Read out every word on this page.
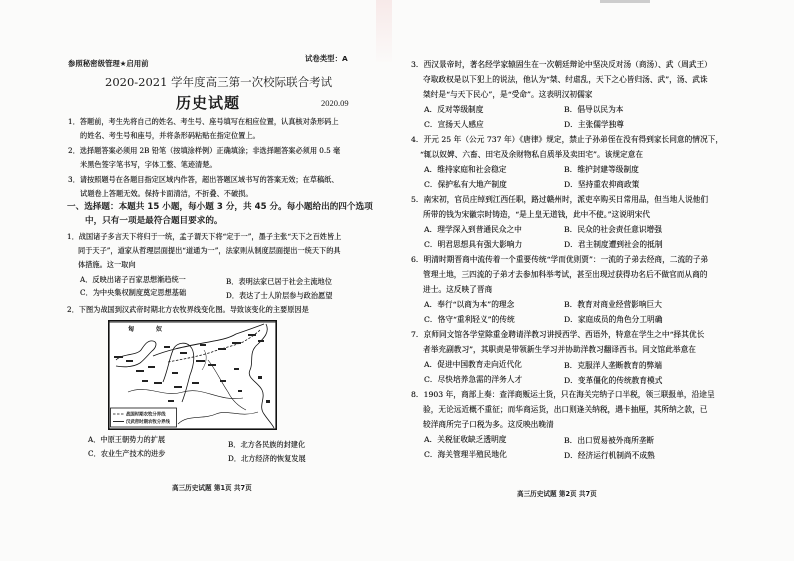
参照秘密级管理★启用前
试卷类型：A
2020-2021 学年度高三第一次校际联合考试
历史试题	2020.09
1．答题前，考生先将自己的姓名、考生号、座号填写在相应位置，认真核对条形码上
的姓名、考生号和座号，并将条形码粘贴在指定位置上。
2．选择题答案必须用 2B 铅笔（按填涂样例）正确填涂；非选择题答案必须用 0.5 毫
米黑色签字笔书写，字体工整、笔迹清楚。
3．请按照题号在各题目指定区域内作答，超出答题区域书写的答案无效；在草稿纸、
试题卷上答题无效。保持卡面清洁，不折叠、不破损。
一、选择题：本题共 15 小题，每小题 3 分，共 45 分。每小题给出的四个选项
中，只有一项是最符合题目要求的。
1．战国诸子多言天下将归于一统，孟子谓天下将“定于一”，墨子主张“天下之百姓皆上
同于天子”，道家从哲理层面提出“道通为一”，法家则从制度层面提出一统天下的具
体措施。这一取向
A．反映出诸子百家思想渐趋统一	B．表明法家已居于社会主流地位
C．为中央集权制度奠定思想基础	D．表达了士人阶层参与政治愿望
2．下图为战国到汉武帝时期北方农牧界线变化图。导致该变化的主要原因是
匈奴
战国时期农牧分界线
汉武帝时期农牧分界线
A．中原王朝势力的扩展
B．北方各民族的封建化
C．农业生产技术的进步
D．北方经济的恢复发展
高三历史试题 第1页 共7页
3．西汉景帝时，著名经学家辕固生在一次朝廷辩论中坚决反对汤（商汤）、武（周武王）
夺取政权是以下犯上的说法，他认为“桀、纣虐乱，天下之心皆归汤、武”，汤、武诛
桀纣是“与天下民心”，是“受命”。这表明汉初儒家
A．反对等级制度	B．倡导以民为本
C．宣扬天人感应	D．主张儒学独尊
4．开元 25 年（公元 737 年）《唐律》规定，禁止子孙弟侄在没有得到家长同意的情况下，
“辄以奴婢、六畜、田宅及余财物私自质举及卖田宅”。该规定意在
A．维持家庭和社会稳定	B．维护封建等级制度
C．保护私有大地产制度	D．坚持重农抑商政策
5．南宋初，官员庄绰到江西任职，路过赣州时，派吏卒购买日常用品，但当地人说他们
所带的钱为宋徽宗时铸造，“是上皇无道钱，此中不使。”这说明宋代
A．理学深入到普通民众之中	B．民众的社会责任意识增强
C．明君思想具有强大影响力	D．君主制度遭到社会的抵制
6．明清时期晋商中流传着一个重要传统“学而优则贾”：一流的子弟去经商，二流的子弟
管理土地，三四流的子弟才去参加科举考试，甚至出现过获得功名后不做官而从商的
进士。这反映了晋商
A．奉行“以商为本”的理念	B．教育对商业经营影响巨大
C．恪守“重利轻义”的传统	D．家庭成员的角色分工明确
7．京师同文馆各学堂除重金聘请洋教习讲授西学、西语外，特意在学生之中“择其优长
者举充副教习”，其职责是带领新生学习并协助洋教习翻译西书。同文馆此举意在
A．促进中国教育走向近代化	B．克服洋人垄断教育的弊端
C．尽快培养急需的洋务人才	D．变革僵化的传统教育模式
8．1903 年，商部上奏：查洋商贩运土货，只在海关完纳子口半税，领三联报单，沿途呈
验，无论远近概不重征；而华商运货，出口则逢关纳税，遇卡抽厘，其所纳之款，已
较洋商所完子口税为多。这反映出晚清
A．关税征收缺乏透明度	B．出口贸易被外商所垄断
C．海关管理半殖民地化	D．经济运行机制尚不成熟
高三历史试题 第2页 共7页
